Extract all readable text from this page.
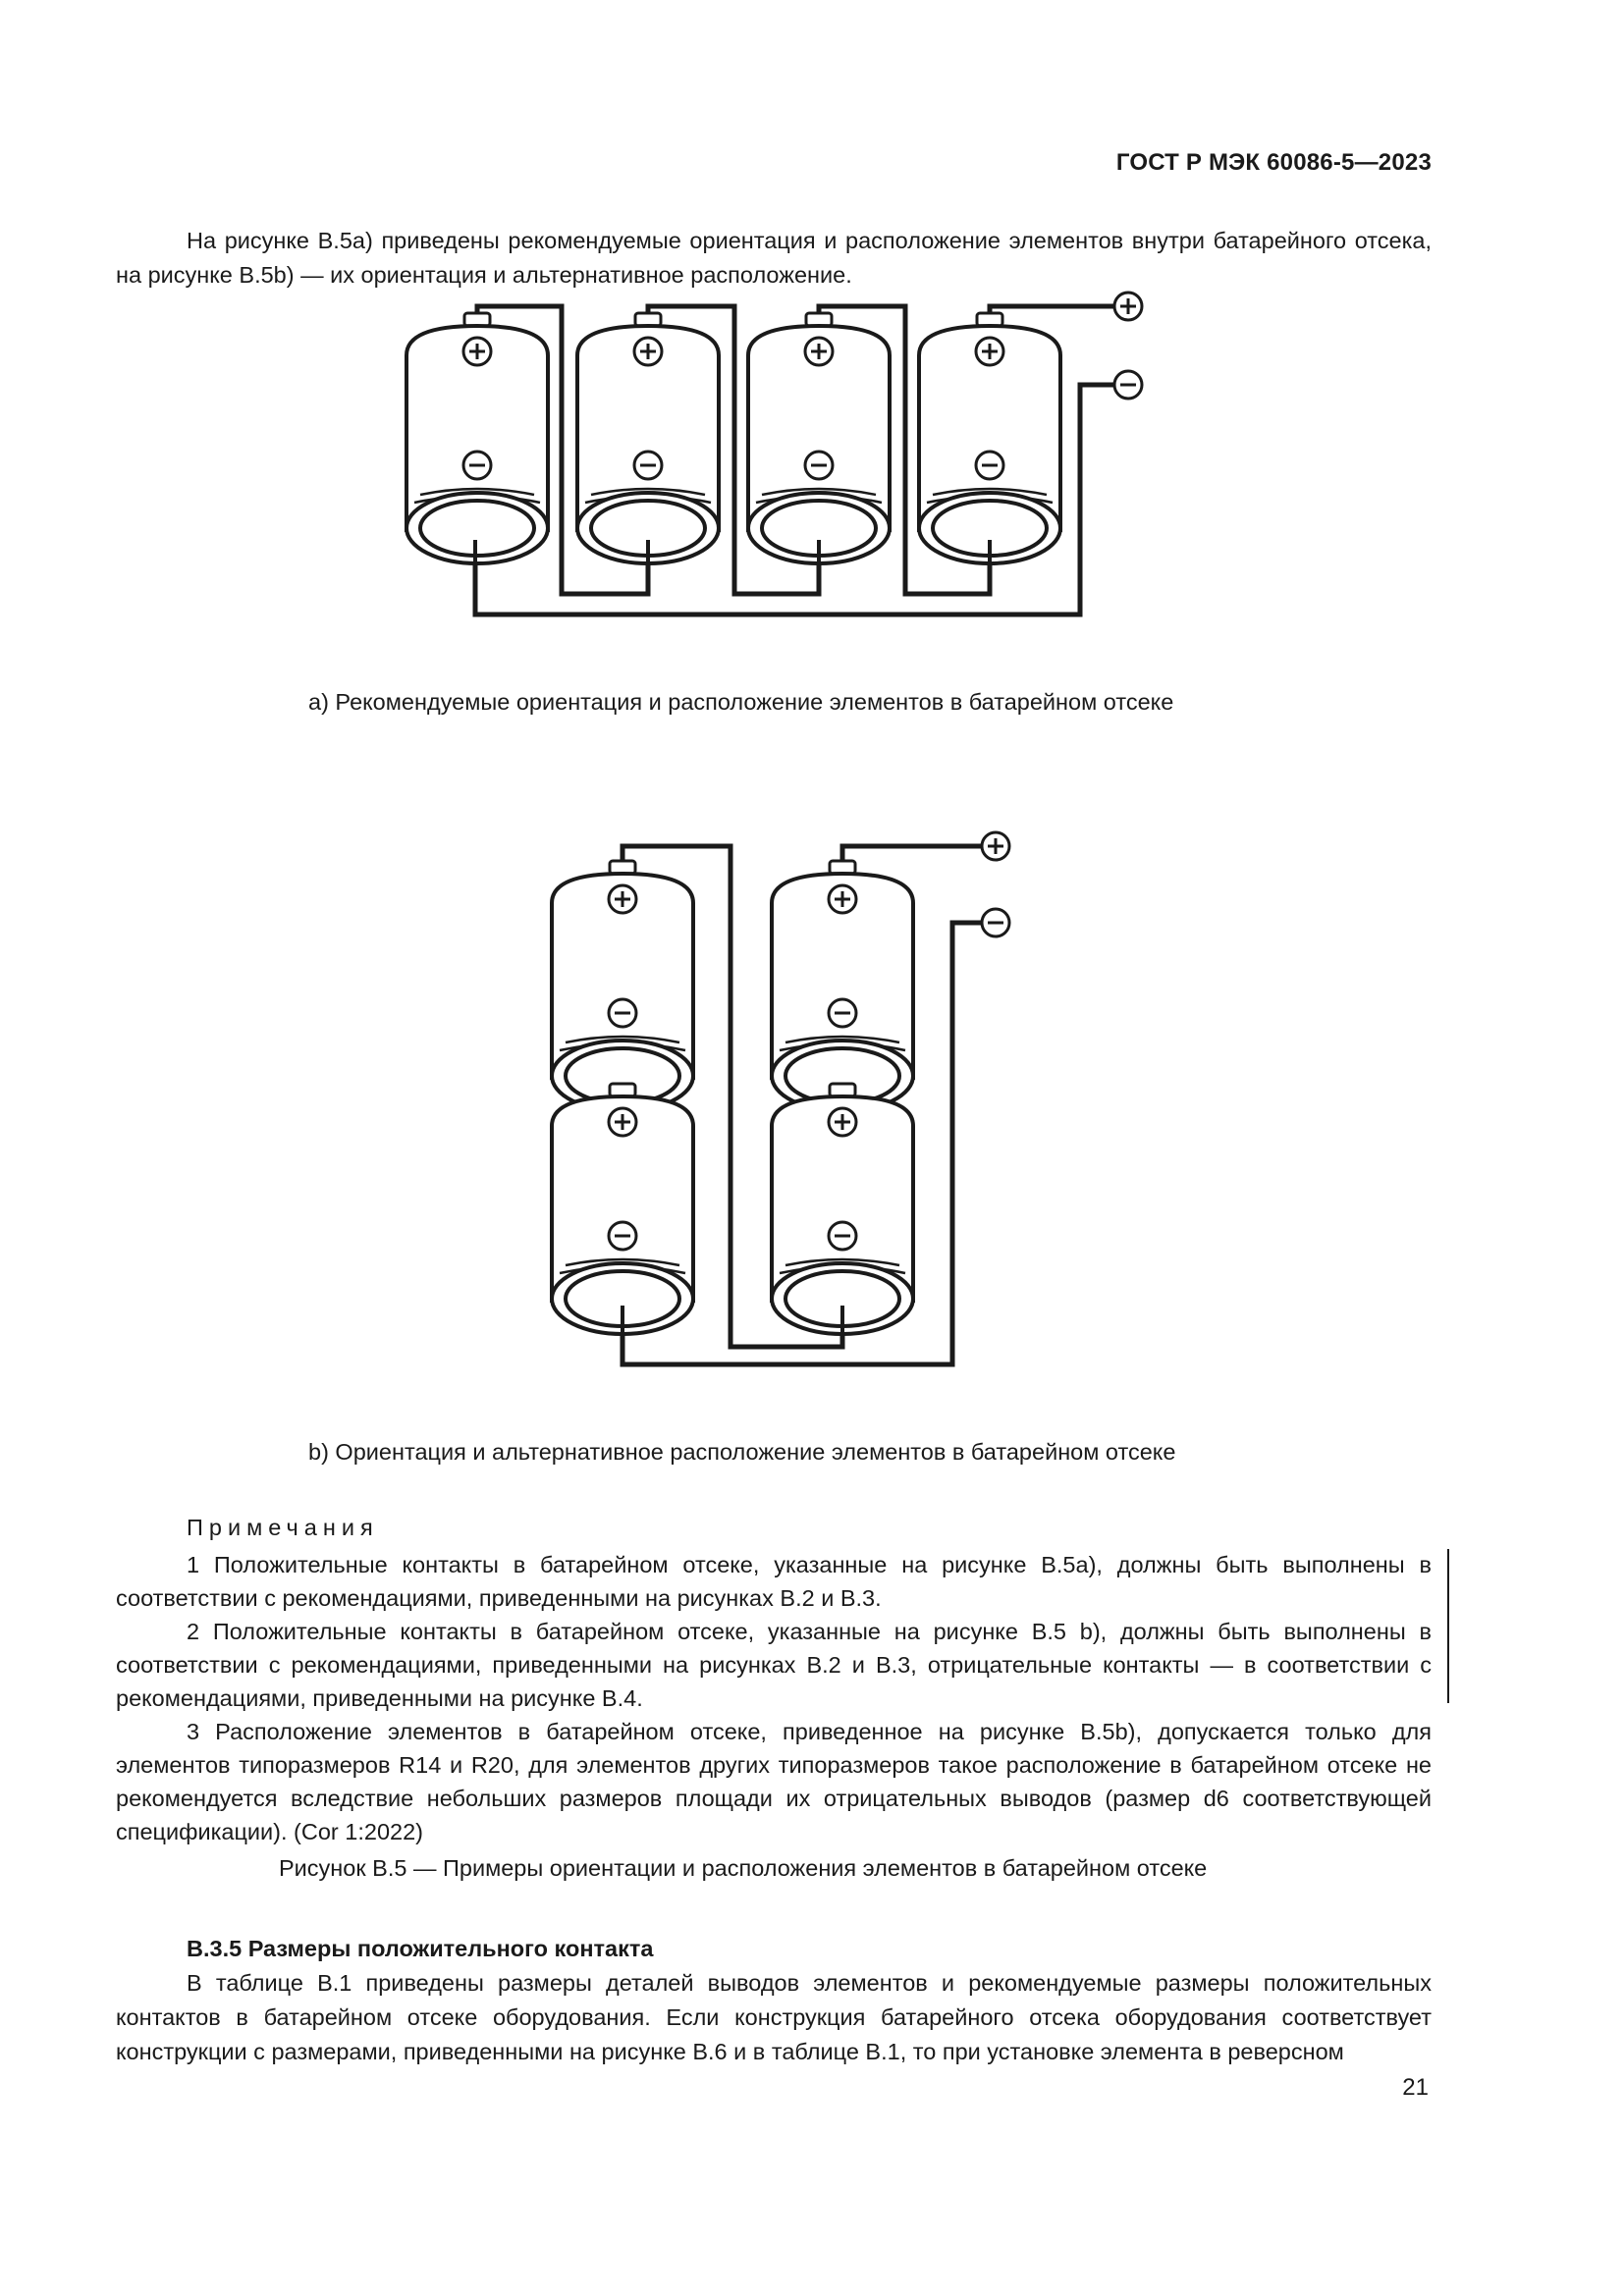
ГОСТ Р МЭК 60086-5—2023
На рисунке B.5a) приведены рекомендуемые ориентация и расположение элементов внутри батарейного отсека, на рисунке B.5b) — их ориентация и альтернативное расположение.
a) Рекомендуемые ориентация и расположение элементов в батарейном отсеке
b) Ориентация и альтернативное расположение элементов в батарейном отсеке
Примечания
1 Положительные контакты в батарейном отсеке, указанные на рисунке B.5a), должны быть выполнены в соответствии с рекомендациями, приведенными на рисунках B.2 и B.3.
2 Положительные контакты в батарейном отсеке, указанные на рисунке B.5 b), должны быть выполнены в соответствии с рекомендациями, приведенными на рисунках B.2 и B.3, отрицательные контакты — в соответствии с рекомендациями, приведенными на рисунке B.4.
3 Расположение элементов в батарейном отсеке, приведенное на рисунке B.5b), допускается только для элементов типоразмеров R14 и R20, для элементов других типоразмеров такое расположение в батарейном отсеке не рекомендуется вследствие небольших размеров площади их отрицательных выводов (размер d6 соответствующей спецификации). (Cor 1:2022)
Рисунок B.5 — Примеры ориентации и расположения элементов в батарейном отсеке
B.3.5 Размеры положительного контакта
В таблице B.1 приведены размеры деталей выводов элементов и рекомендуемые размеры положительных контактов в батарейном отсеке оборудования. Если конструкция батарейного отсека оборудования соответствует конструкции с размерами, приведенными на рисунке B.6 и в таблице B.1, то при установке элемента в реверсном
21
